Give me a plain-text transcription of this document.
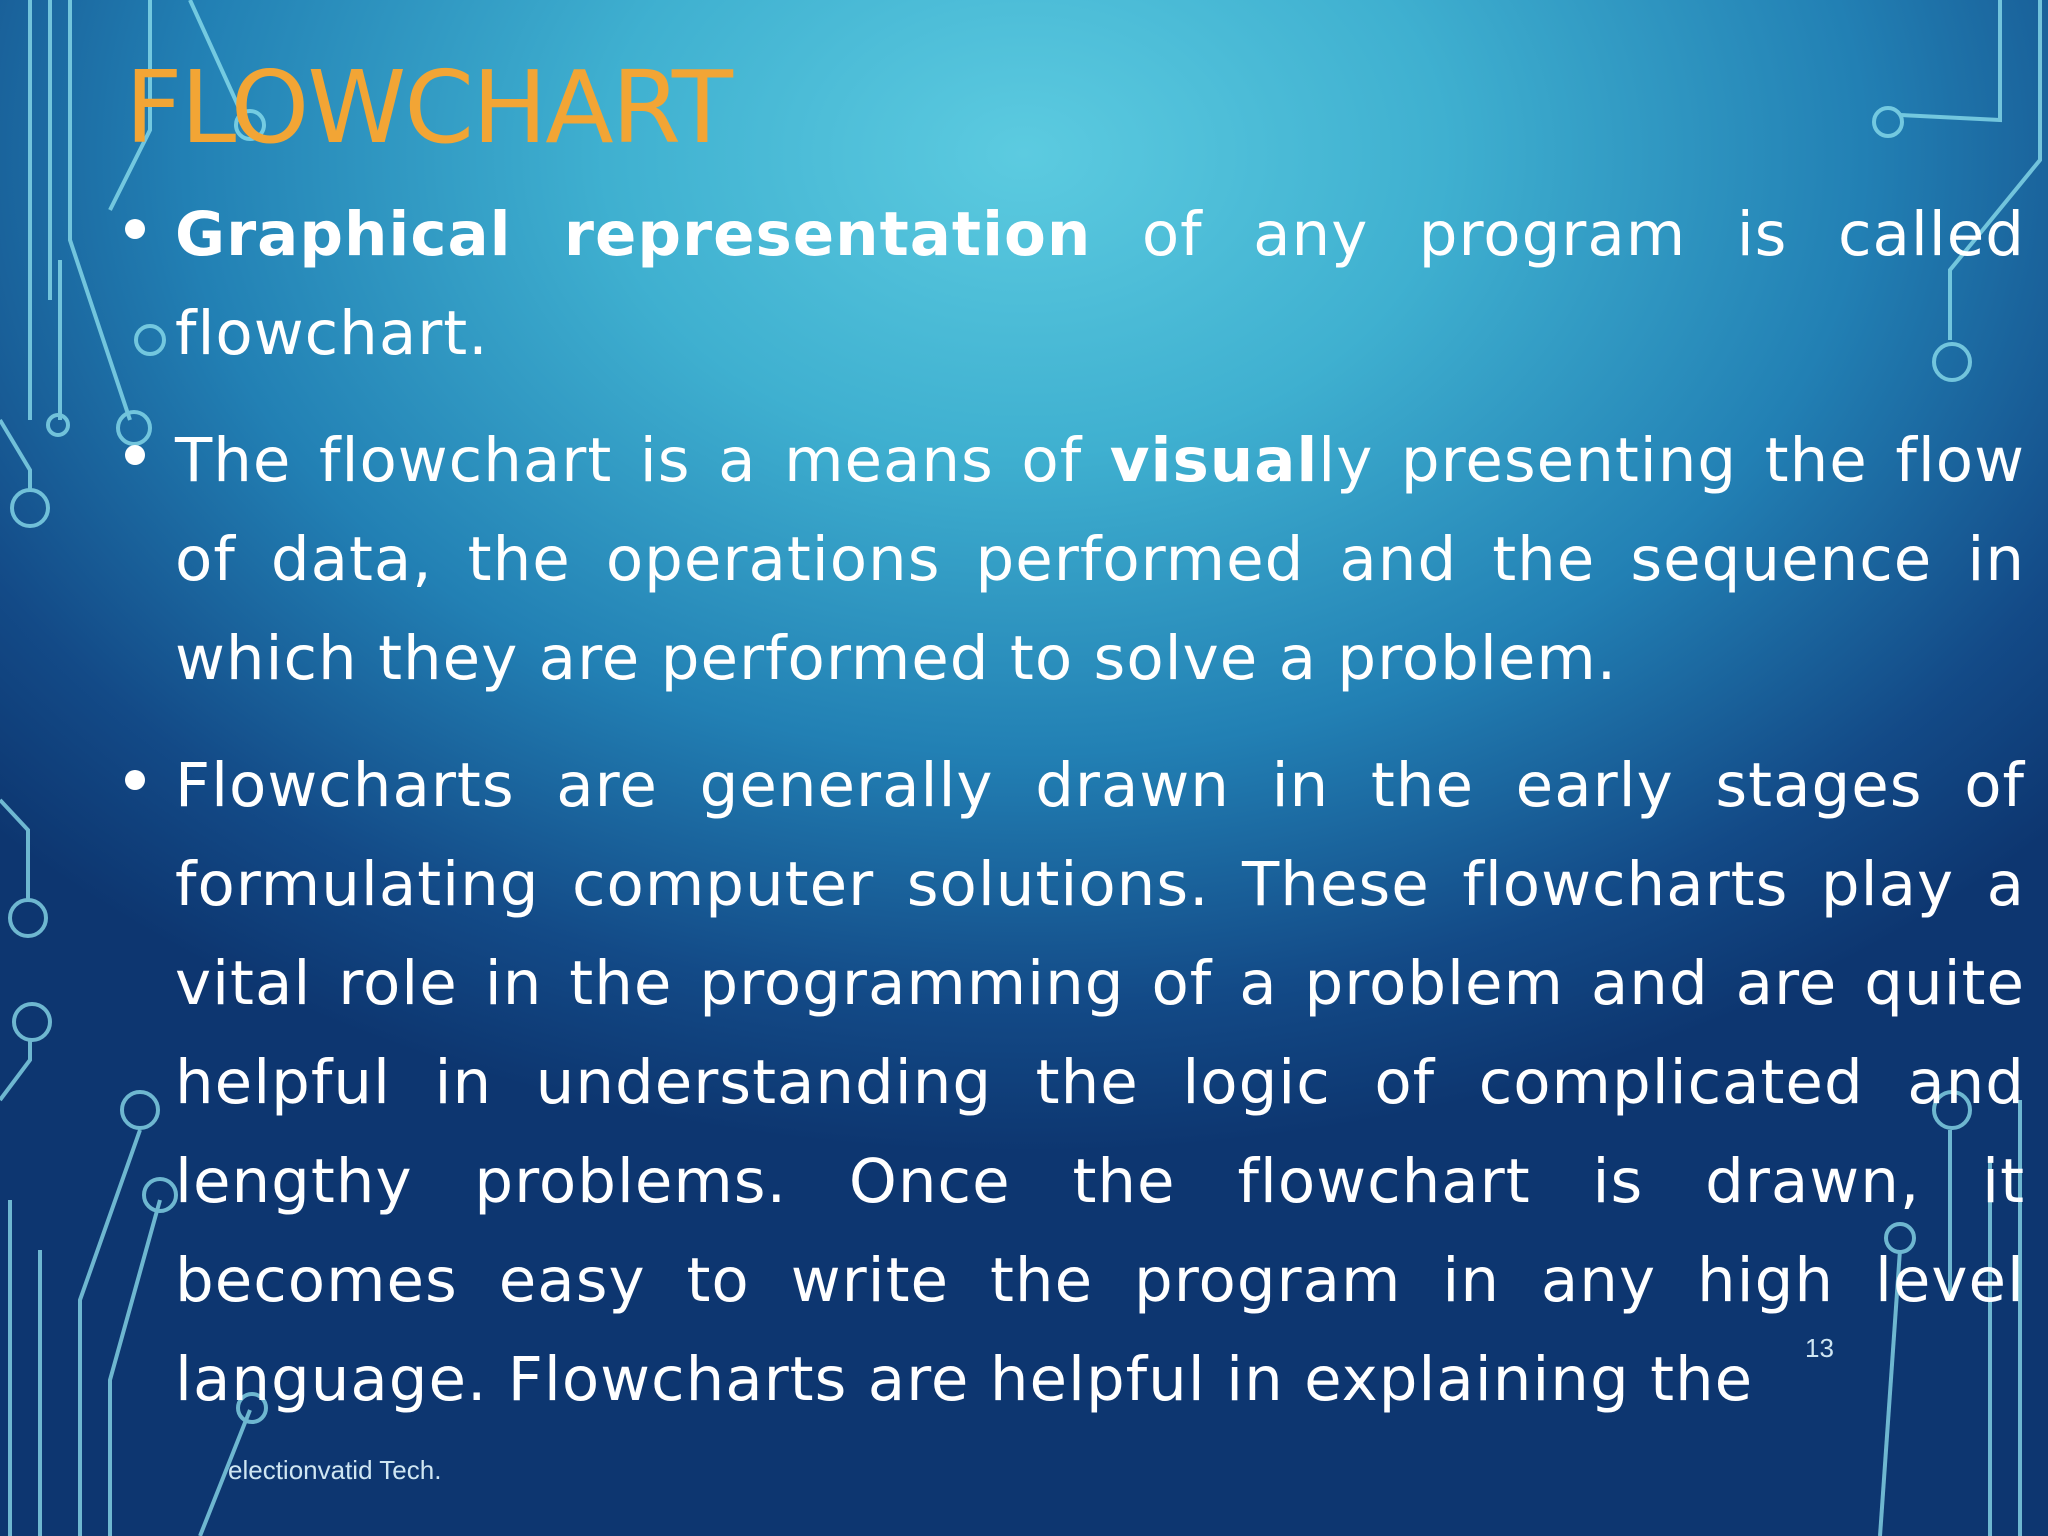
FLOWCHART

Graphical representation of any program is called flowchart.

The flowchart is a means of visually presenting the flow of data, the operations performed and the sequence in which they are performed to solve a problem.

Flowcharts are generally drawn in the early stages of formulating computer solutions. These flowcharts play a vital role in the programming of a problem and are quite helpful in understanding the logic of complicated and lengthy problems. Once the flowchart is drawn, it becomes easy to write the program in any high level language. Flowcharts are helpful in explaining the	13
electionvatid Tech.
